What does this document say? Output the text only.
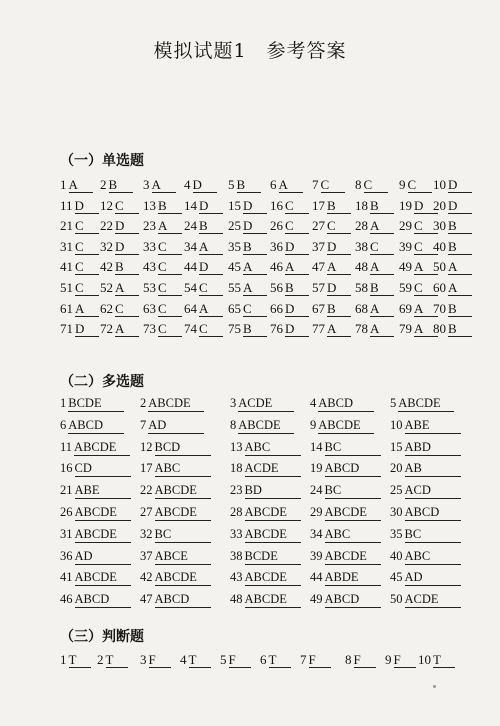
模拟试题1　参考答案
（一）单选题
1 A	2 B	3 A	4 D	5 B	6 A	7 C	8 C	9 C	10 D
11 D	12 C	13 B	14 D	15 D	16 C	17 B	18 B	19 D 20 D
21 C	22 D	23 A	24 B	25 D	26 C	27 C	28 A	29 C 30 B
31 C	32 D	33 C	34 A	35 B	36 D	37 D	38 C	39 C 40 B
41 C	42 B	43 C	44 D	45 A	46 A	47 A	48 A	49 A 50 A
51 C	52 A	53 C	54 C	55 A	56 B	57 D	58 B	59 C 60 A
61 A	62 C	63 C	64 A	65 C	66 D	67 B	68 A	69 A 70 B
71 D	72 A	73 C	74 C	75 B	76 D	77 A	78 A	79 A 80 B
（二）多选题
1 BCDE	2 ABCDE	3 ACDE	4 ABCD	5 ABCDE
6 ABCD	7 AD	8 ABCDE	9 ABCDE	10 ABE
11 ABCDE	12 BCD	13 ABC	14 BC	15 ABD
16 CD	17 ABC	18 ACDE	19 ABCD	20 AB
21 ABE	22 ABCDE	23 BD	24 BC	25 ACD
26 ABCDE	27 ABCDE	28 ABCDE	29 ABCDE	30 ABCD
31 ABCDE	32 BC	33 ABCDE	34 ABC	35 BC
36 AD	37 ABCE	38 BCDE	39 ABCDE	40 ABC
41 ABCDE	42 ABCDE	43 ABCDE	44 ABDE	45 AD
46 ABCD	47 ABCD	48 ABCDE	49 ABCD	50 ACDE
（三）判断题
1 T	2 T	3 F	4 T	5 F	6 T	7 F	8 F	9 F	10 T
